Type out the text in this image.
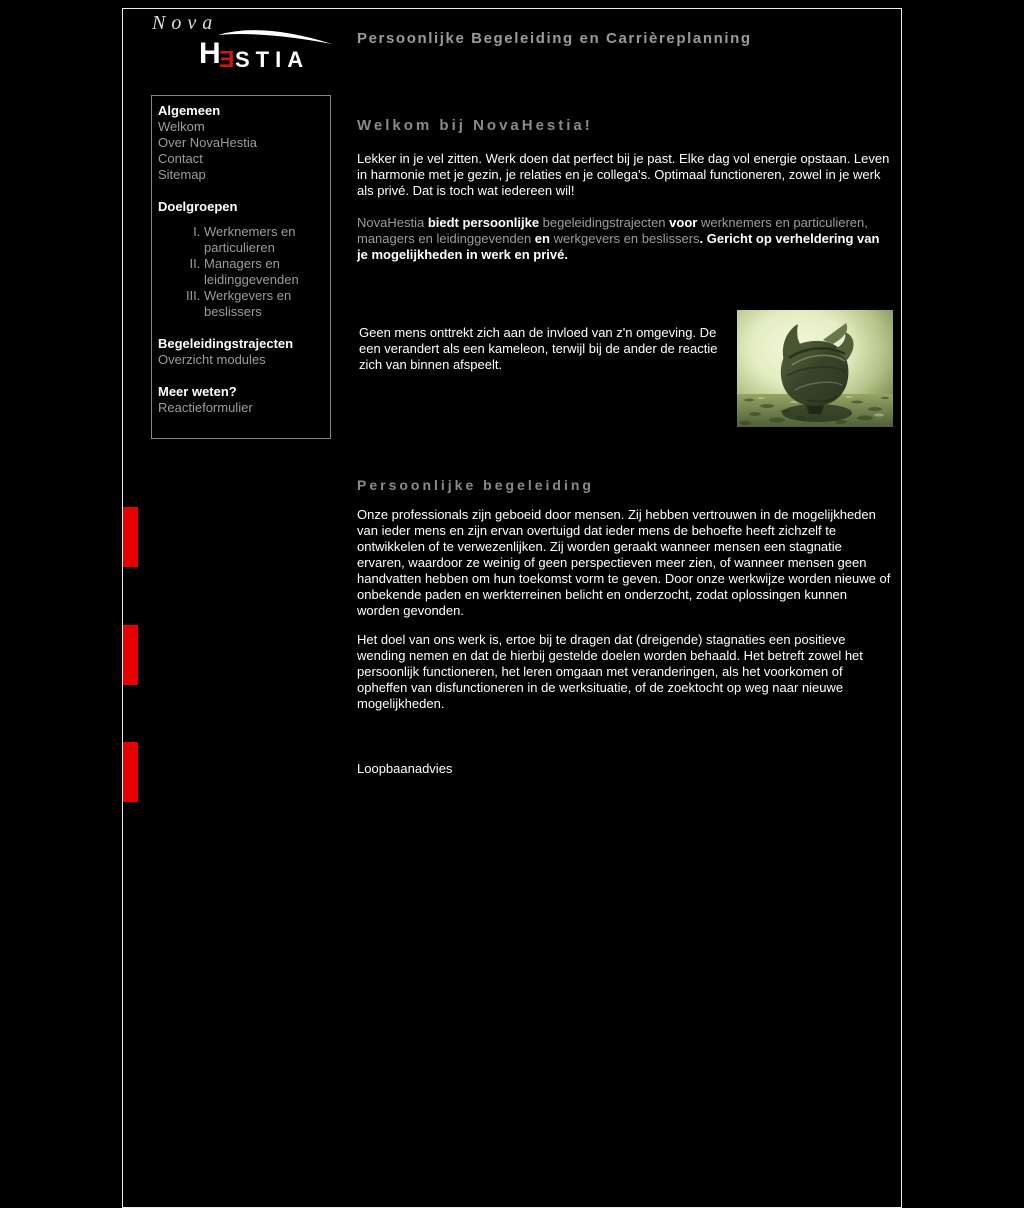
Nova
H
E STIA
Persoonlijke Begeleiding en Carrièreplanning
Algemeen
Welkom
Over NovaHestia
Contact
Sitemap
Doelgroepen
I. Werknemers en particulieren
II. Managers en leidinggevenden
III. Werkgevers en beslissers
Begeleidingstrajecten
Overzicht modules
Meer weten?
Reactieformulier
Welkom bij NovaHestia!
Lekker in je vel zitten. Werk doen dat perfect bij je past. Elke dag vol energie opstaan. Leven in harmonie met je gezin, je relaties en je collega's. Optimaal functioneren, zowel in je werk als privé. Dat is toch wat iedereen wil!
NovaHestia biedt persoonlijke begeleidingstrajecten voor werknemers en particulieren, managers en leidinggevenden en werkgevers en beslissers. Gericht op verheldering van je mogelijkheden in werk en privé.
Geen mens onttrekt zich aan de invloed van z'n omgeving. De een verandert als een kameleon, terwijl bij de ander de reactie zich van binnen afspeelt.
Persoonlijke begeleiding
Onze professionals zijn geboeid door mensen. Zij hebben vertrouwen in de mogelijkheden van ieder mens en zijn ervan overtuigd dat ieder mens de behoefte heeft zichzelf te ontwikkelen of te verwezenlijken. Zij worden geraakt wanneer mensen een stagnatie ervaren, waardoor ze weinig of geen perspectieven meer zien, of wanneer mensen geen handvatten hebben om hun toekomst vorm te geven. Door onze werkwijze worden nieuwe of onbekende paden en werkterreinen belicht en onderzocht, zodat oplossingen kunnen worden gevonden.
Het doel van ons werk is, ertoe bij te dragen dat (dreigende) stagnaties een positieve wending nemen en dat de hierbij gestelde doelen worden behaald. Het betreft zowel het persoonlijk functioneren, het leren omgaan met veranderingen, als het voorkomen of opheffen van disfunctioneren in de werksituatie, of de zoektocht op weg naar nieuwe mogelijkheden.
Loopbaanadvies
